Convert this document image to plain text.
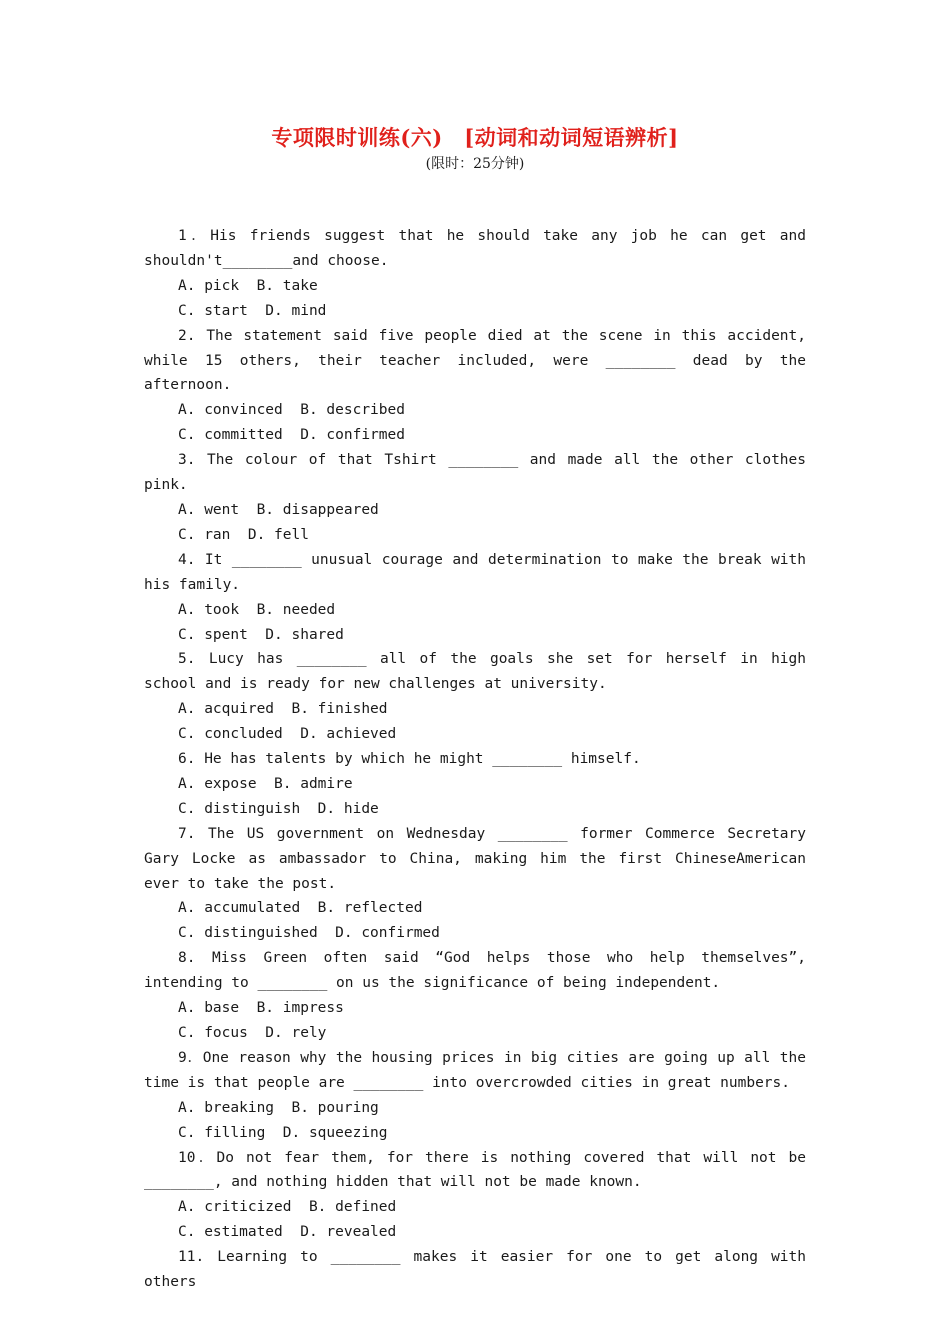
专项限时训练(六)　[动词和动词短语辨析]
(限时：25分钟)

1．His friends suggest that he should take any job he can get and shouldn't________and choose.

A. pick  B. take

C. start  D. mind

2. The statement said five people died at the scene in this accident, while 15 others, their teacher included, were ________ dead by the afternoon.

A. convinced  B. described

C. committed  D. confirmed

3. The colour of that Tshirt ________ and made all the other clothes pink.

A. went  B. disappeared

C. ran  D. fell

4. It ________ unusual courage and determination to make the break with his family.

A. took  B. needed

C. spent  D. shared

5. Lucy has ________ all of the goals she set for herself in high school and is ready for new challenges at university.

A. acquired  B. finished

C. concluded  D. achieved

6. He has talents by which he might ________ himself.

A. expose  B. admire

C. distinguish  D. hide

7. The US government on Wednesday ________ former Commerce Secretary Gary Locke as ambassador to China, making him the first ChineseAmerican ever to take the post.

A. accumulated  B. reflected

C. distinguished  D. confirmed

8. Miss Green often said “God helps those who help themselves”, intending to ________ on us the significance of being independent.

A. base  B. impress

C. focus  D. rely

9．One reason why the housing prices in big cities are going up all the time is that people are ________ into overcrowded cities in great numbers.

A. breaking  B. pouring

C. filling  D. squeezing

10．Do not fear them, for there is nothing covered that will not be ________, and nothing hidden that will not be made known.

A. criticized  B. defined

C. estimated  D. revealed

11. Learning to ________ makes it easier for one to get along with others
